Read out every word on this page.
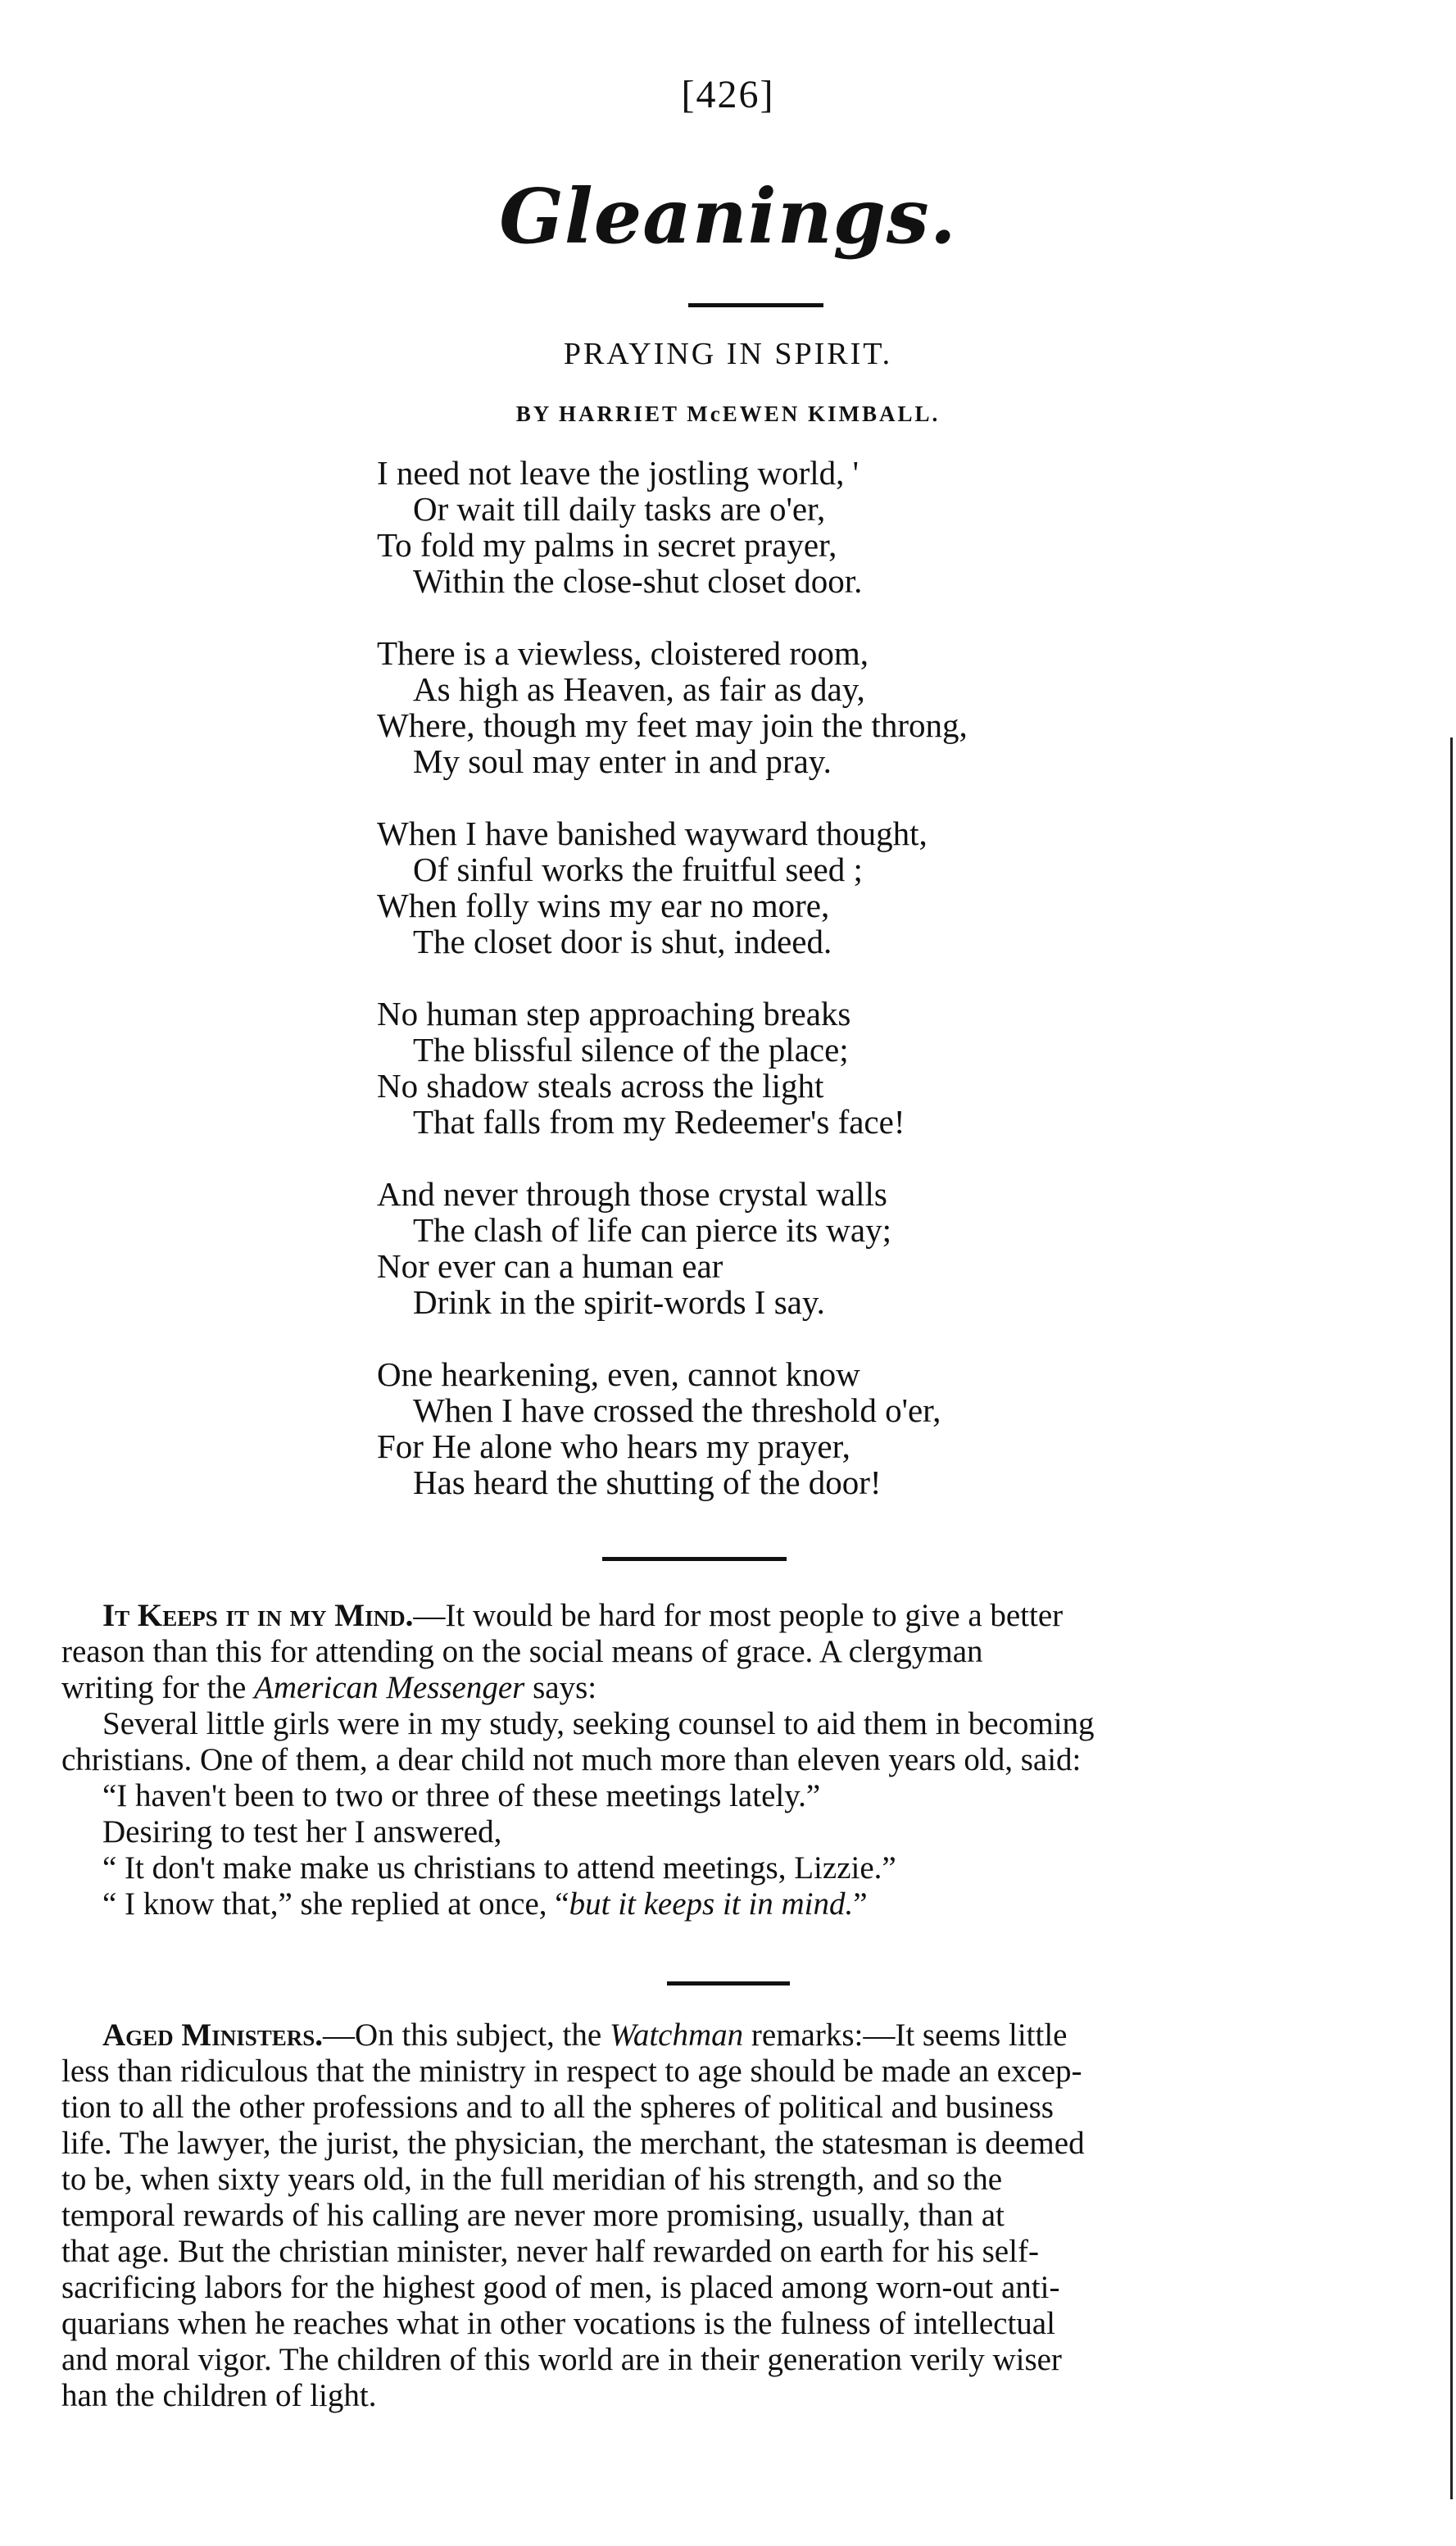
[426]
Gleanings.
PRAYING IN SPIRIT.
BY HARRIET McEWEN KIMBALL.
I need not leave the jostling world, '
Or wait till daily tasks are o'er,
To fold my palms in secret prayer,
Within the close-shut closet door.
There is a viewless, cloistered room,
As high as Heaven, as fair as day,
Where, though my feet may join the throng,
My soul may enter in and pray.
When I have banished wayward thought,
Of sinful works the fruitful seed ;
When folly wins my ear no more,
The closet door is shut, indeed.
No human step approaching breaks
The blissful silence of the place;
No shadow steals across the light
That falls from my Redeemer's face!
And never through those crystal walls
The clash of life can pierce its way;
Nor ever can a human ear
Drink in the spirit-words I say.
One hearkening, even, cannot know
When I have crossed the threshold o'er,
For He alone who hears my prayer,
Has heard the shutting of the door!
It Keeps it in my Mind.—It would be hard for most people to give a better
reason than this for attending on the social means of grace. A clergyman
writing for the American Messenger says:
Several little girls were in my study, seeking counsel to aid them in becoming
christians. One of them, a dear child not much more than eleven years old, said:
“I haven't been to two or three of these meetings lately.”
Desiring to test her I answered,
“ It don't make make us christians to attend meetings, Lizzie.”
“ I know that,” she replied at once, “but it keeps it in mind.”
Aged Ministers.—On this subject, the Watchman remarks:—It seems little
less than ridiculous that the ministry in respect to age should be made an excep-
tion to all the other professions and to all the spheres of political and business
life. The lawyer, the jurist, the physician, the merchant, the statesman is deemed
to be, when sixty years old, in the full meridian of his strength, and so the
temporal rewards of his calling are never more promising, usually, than at
that age. But the christian minister, never half rewarded on earth for his self-
sacrificing labors for the highest good of men, is placed among worn-out anti-
quarians when he reaches what in other vocations is the fulness of intellectual
and moral vigor. The children of this world are in their generation verily wiser
han the children of light.
